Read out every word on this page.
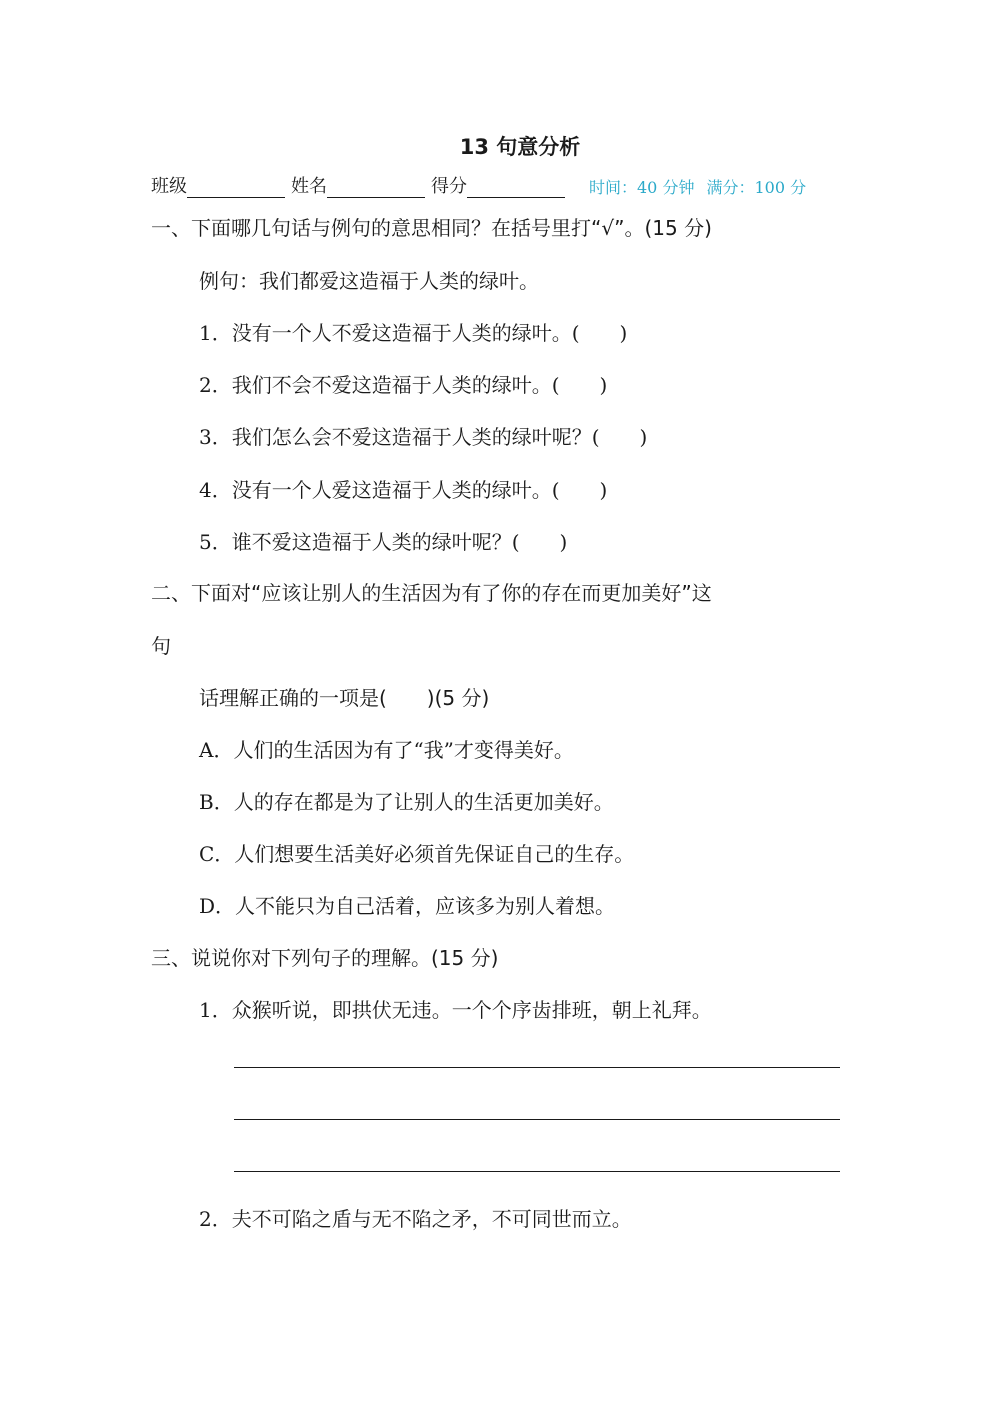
13 句意分析
班级	姓名	得分	时间：40 分钟 满分：100 分
一、下面哪几句话与例句的意思相同？在括号里打“√”。(15 分)
例句：我们都爱这造福于人类的绿叶。
1．没有一个人不爱这造福于人类的绿叶。(　　)
2．我们不会不爱这造福于人类的绿叶。(　　)
3．我们怎么会不爱这造福于人类的绿叶呢？(　　)
4．没有一个人爱这造福于人类的绿叶。(　　)
5．谁不爱这造福于人类的绿叶呢？(　　)
二、下面对“应该让别人的生活因为有了你的存在而更加美好”这
句
话理解正确的一项是(　　)(5 分)
A．人们的生活因为有了“我”才变得美好。
B．人的存在都是为了让别人的生活更加美好。
C．人们想要生活美好必须首先保证自己的生存。
D．人不能只为自己活着，应该多为别人着想。
三、说说你对下列句子的理解。(15 分)
1．众猴听说，即拱伏无违。一个个序齿排班，朝上礼拜。
2．夫不可陷之盾与无不陷之矛，不可同世而立。
